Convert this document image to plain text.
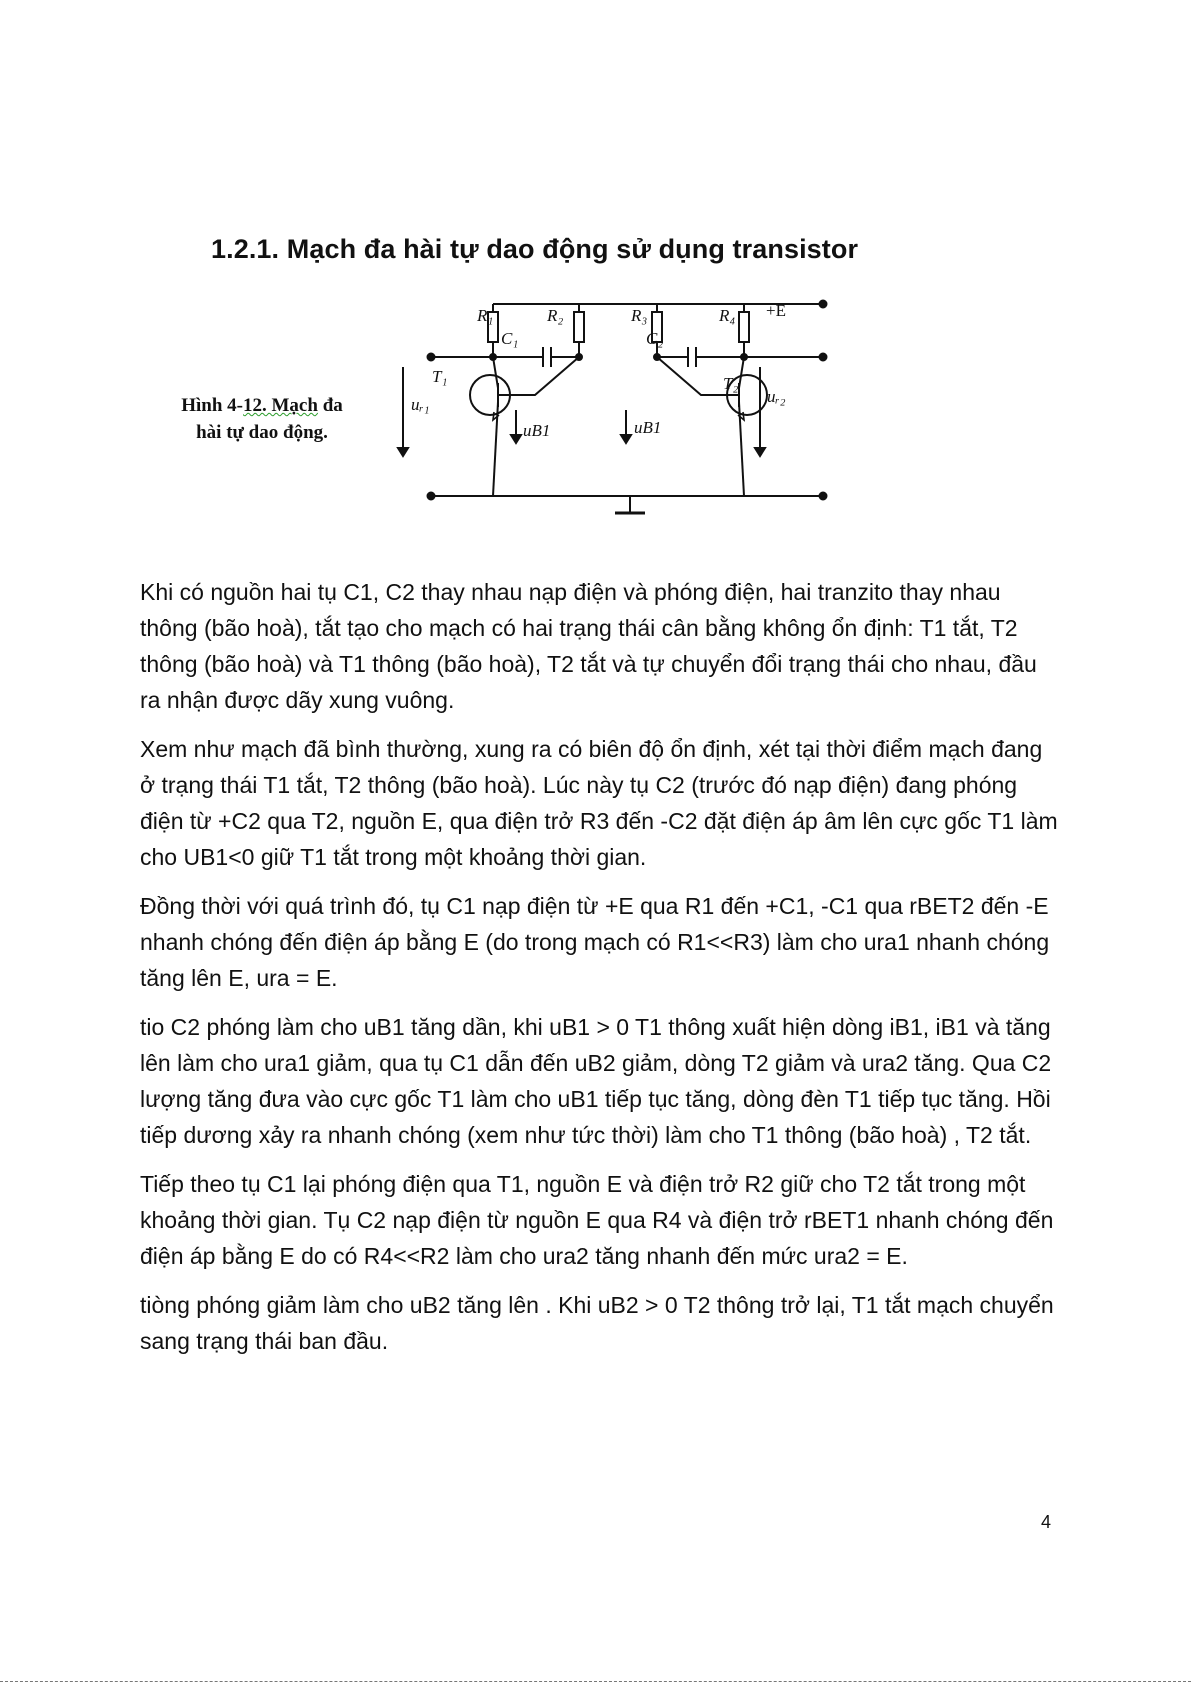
1.2.1. Mạch đa hài tự dao động sử dụng transistor
Hình 4-12. Mạch đa
hài tự dao động.
R₁	R₂	R₃	R₄ +E
C₁	C₂
T₁	T₂
uᵣ₁	uᵣ₂
uB1	uB1

Khi có nguồn hai tụ C1, C2 thay nhau nạp điện và phóng điện, hai tranzito thay nhau thông (bão hoà), tắt tạo cho mạch có hai trạng thái cân bằng không ổn định: T1 tắt, T2 thông (bão hoà) và T1 thông (bão hoà), T2 tắt và tự chuyển đổi trạng thái cho nhau, đầu ra nhận được dãy xung vuông.

Xem như mạch đã bình thường, xung ra có biên độ ổn định, xét tại thời điểm mạch đang ở trạng thái T1 tắt, T2 thông (bão hoà). Lúc này tụ C2 (trước đó nạp điện) đang phóng điện từ +C2 qua T2, nguồn E, qua điện trở R3 đến -C2 đặt điện áp âm lên cực gốc T1 làm cho UB1<0 giữ T1 tắt trong một khoảng thời gian.

Đồng thời với quá trình đó, tụ C1 nạp điện từ +E qua R1 đến +C1, -C1 qua rBET2 đến -E nhanh chóng đến điện áp bằng E (do trong mạch có R1<<R3) làm cho ura1 nhanh chóng tăng lên E, ura = E.

tio C2 phóng làm cho uB1 tăng dần, khi uB1 > 0 T1 thông xuất hiện dòng iB1, iB1 và tăng lên làm cho ura1 giảm, qua tụ C1 dẫn đến uB2 giảm, dòng T2 giảm và ura2 tăng. Qua C2 lượng tăng đưa vào cực gốc T1 làm cho uB1 tiếp tục tăng, dòng đèn T1 tiếp tục tăng. Hồi tiếp dương xảy ra nhanh chóng (xem như tức thời) làm cho T1 thông (bão hoà) , T2 tắt.

Tiếp theo tụ C1 lại phóng điện qua T1, nguồn E và điện trở R2 giữ cho T2 tắt trong một khoảng thời gian. Tụ C2 nạp điện từ nguồn E qua R4 và điện trở rBET1 nhanh chóng đến điện áp bằng E do có R4<<R2 làm cho ura2 tăng nhanh đến mức ura2 = E.

tiòng phóng giảm làm cho uB2 tăng lên . Khi uB2 > 0 T2 thông trở lại, T1 tắt mạch chuyển sang trạng thái ban đầu.

4
